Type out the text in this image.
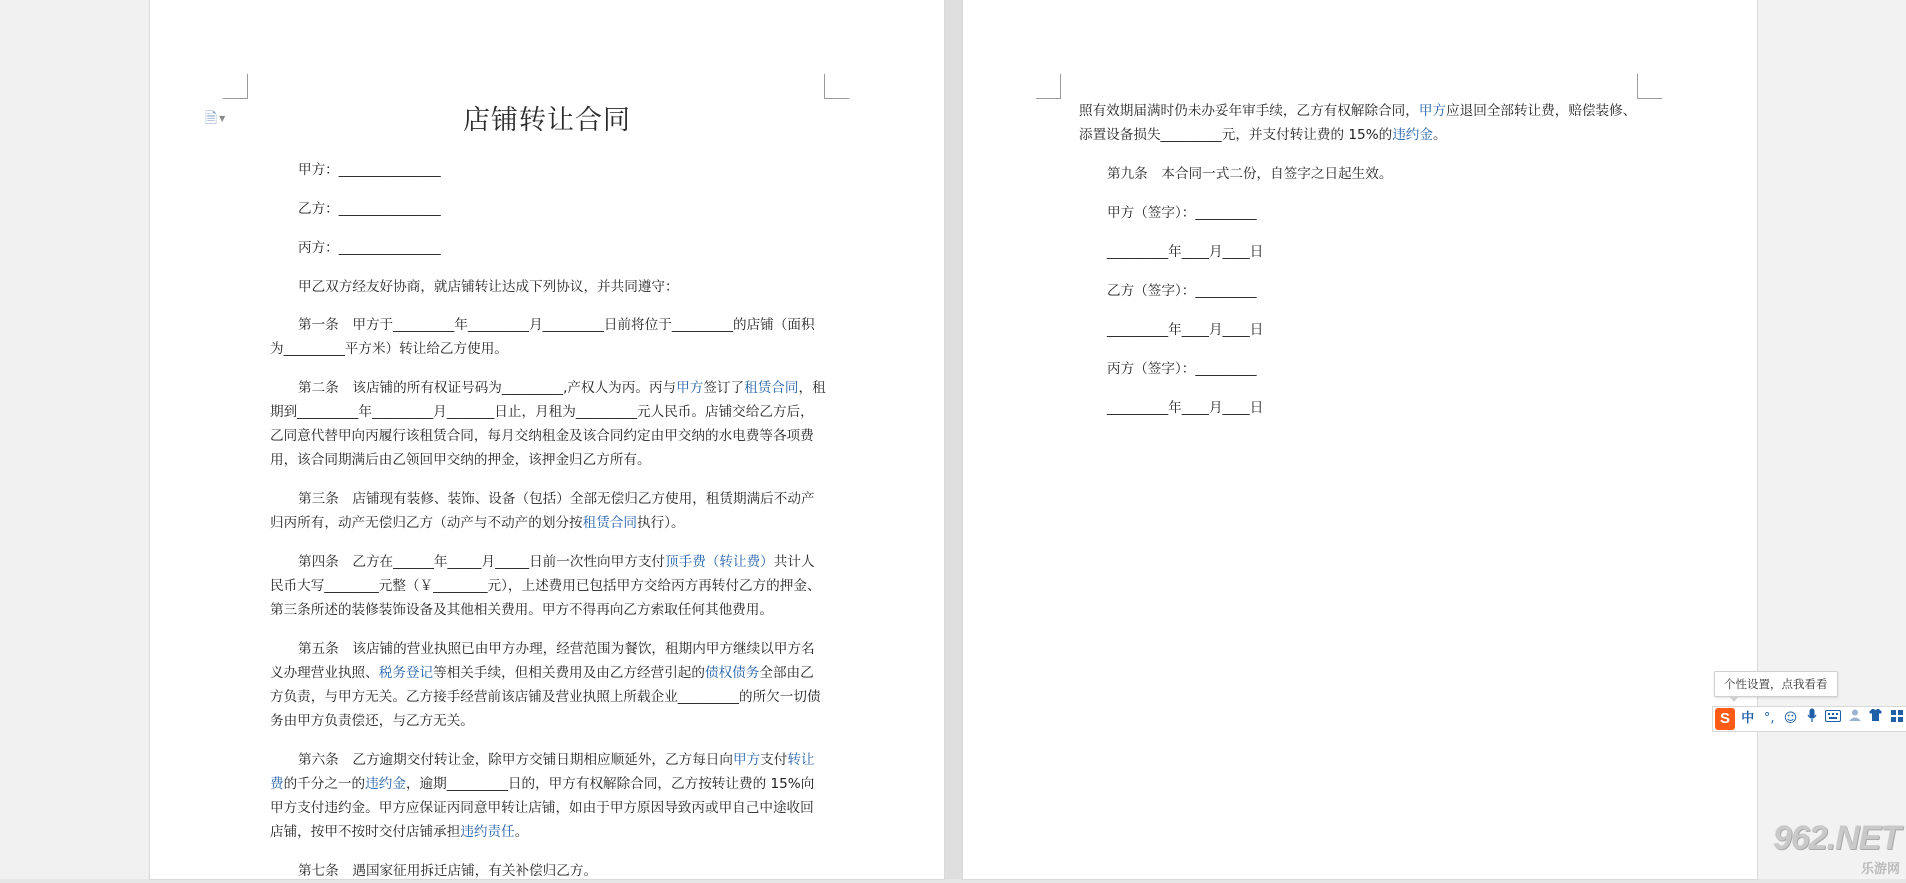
🗎 ▼	店铺转让合同

甲方：_______________

乙方：_______________

丙方：_______________

甲乙双方经友好协商，就店铺转让达成下列协议，并共同遵守：

第一条　甲方于_________年_________月_________日前将位于_________的店铺（面积为_________平方米）转让给乙方使用。

第二条　该店铺的所有权证号码为_________,产权人为丙。丙与甲方签订了租赁合同，租期到_________年_________月_______日止，月租为_________元人民币。店铺交给乙方后，乙同意代替甲向丙履行该租赁合同，每月交纳租金及该合同约定由甲交纳的水电费等各项费用，该合同期满后由乙领回甲交纳的押金，该押金归乙方所有。

第三条　店铺现有装修、装饰、设备（包括）全部无偿归乙方使用，租赁期满后不动产归丙所有，动产无偿归乙方（动产与不动产的划分按租赁合同执行）。

第四条　乙方在______年_____月_____日前一次性向甲方支付顶手费（转让费）共计人民币大写________元整（￥________元），上述费用已包括甲方交给丙方再转付乙方的押金、第三条所述的装修装饰设备及其他相关费用。甲方不得再向乙方索取任何其他费用。

第五条　该店铺的营业执照已由甲方办理，经营范围为餐饮，租期内甲方继续以甲方名义办理营业执照、税务登记等相关手续，但相关费用及由乙方经营引起的债权债务全部由乙方负责，与甲方无关。乙方接手经营前该店铺及营业执照上所载企业_________的所欠一切债务由甲方负责偿还，与乙方无关。

第六条　乙方逾期交付转让金，除甲方交铺日期相应顺延外，乙方每日向甲方支付转让费的千分之一的违约金，逾期_________日的，甲方有权解除合同，乙方按转让费的 15%向甲方支付违约金。甲方应保证丙同意甲转让店铺，如由于甲方原因导致丙或甲自己中途收回店铺，按甲不按时交付店铺承担违约责任。

第七条　遇国家征用拆迁店铺，有关补偿归乙方。

照有效期届满时仍未办妥年审手续，乙方有权解除合同，甲方应退回全部转让费，赔偿装修、添置设备损失_________元，并支付转让费的 15%的违约金。

第九条　本合同一式二份，自签字之日起生效。

甲方（签字）：_________

_________年____月____日

乙方（签字）：_________

_________年____月____日

丙方（签字）：_________

_________年____月____日

个性设置，点我看看
S 中 °, ☺
962.NET
乐游网
